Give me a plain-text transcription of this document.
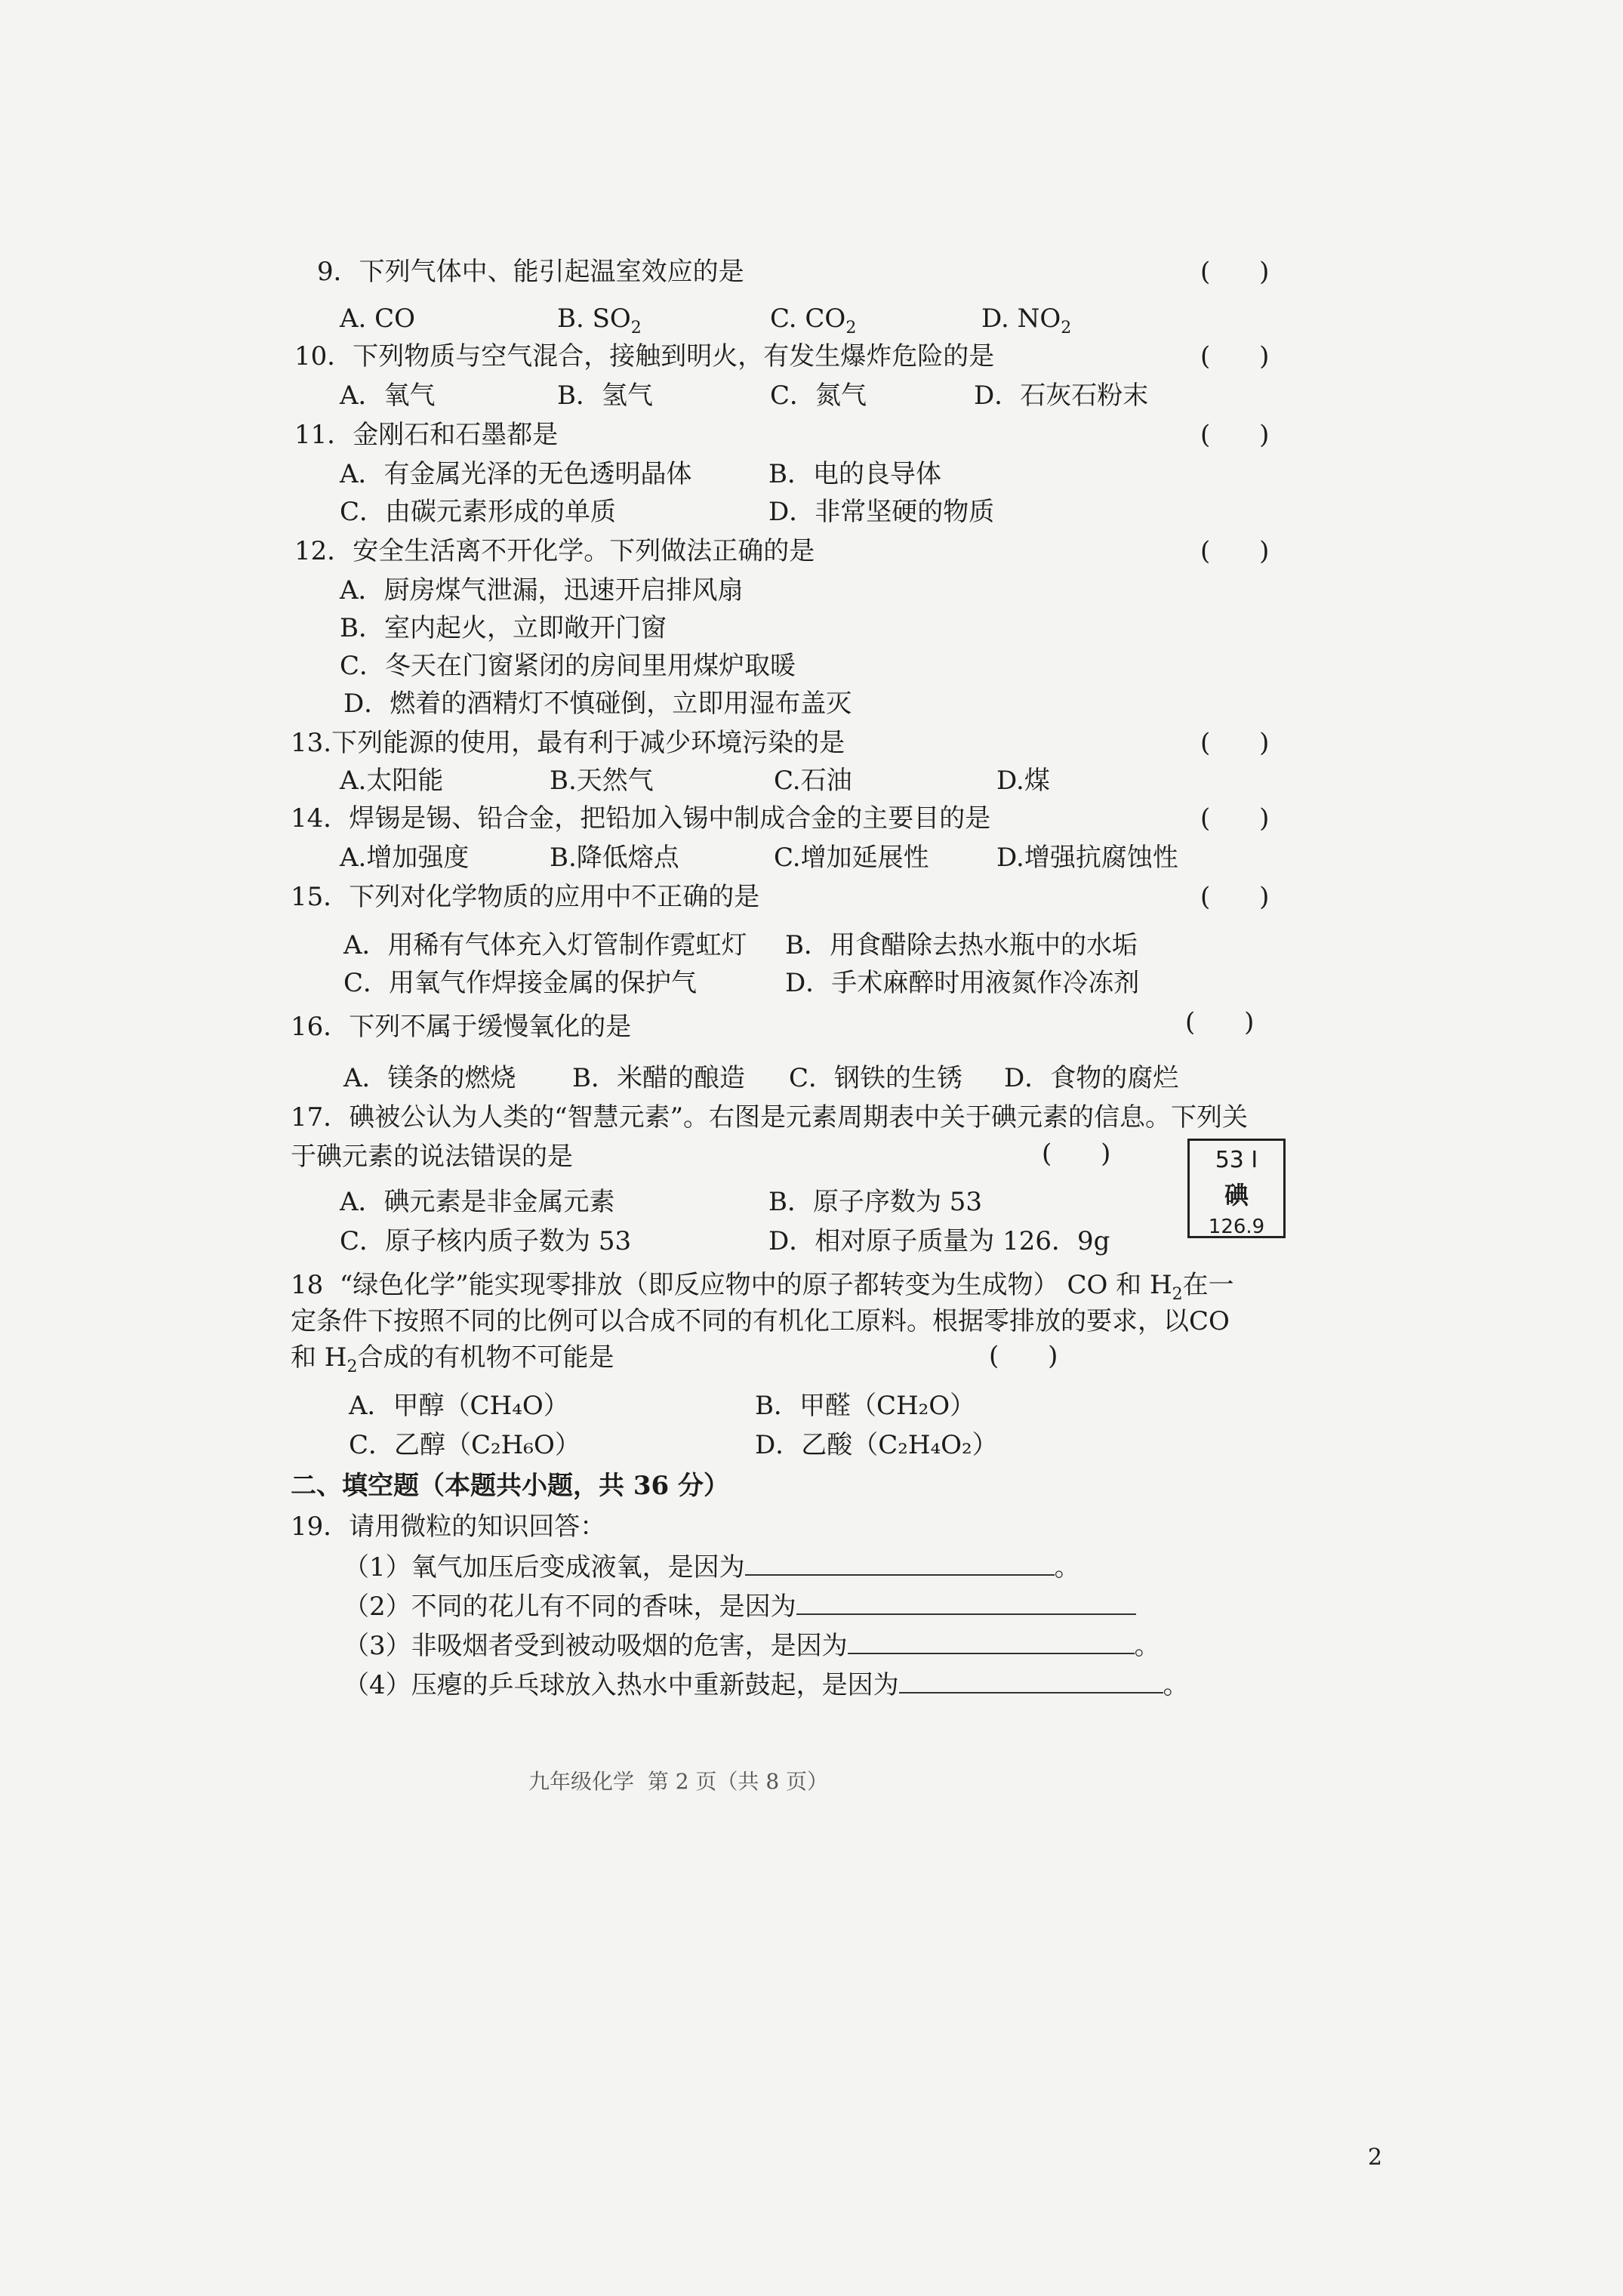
9．下列气体中、能引起温室效应的是	(      )
A. CO	B. $SO_2$	C. $CO_2$	D. $NO_2$
10．下列物质与空气混合，接触到明火，有发生爆炸危险的是	(      )
A．氧气	B．氢气	C．氮气	D．石灰石粉末
11．金刚石和石墨都是	(      )
A．有金属光泽的无色透明晶体	B．电的良导体
C．由碳元素形成的单质	D．非常坚硬的物质
12．安全生活离不开化学。下列做法正确的是	(      )
A．厨房煤气泄漏，迅速开启排风扇
B．室内起火，立即敞开门窗
C．冬天在门窗紧闭的房间里用煤炉取暖
D．燃着的酒精灯不慎碰倒，立即用湿布盖灭
13.下列能源的使用，最有利于减少环境污染的是	(      )
A.太阳能	B.天然气	C.石油	D.煤
14．焊锡是锡、铅合金，把铅加入锡中制成合金的主要目的是	(      )
A.增加强度	B.降低熔点	C.增加延展性	D.增强抗腐蚀性
15．下列对化学物质的应用中不正确的是	(      )
A．用稀有气体充入灯管制作霓虹灯 B．用食醋除去热水瓶中的水垢
C．用氧气作焊接金属的保护气	D．手术麻醉时用液氮作冷冻剂
16．下列不属于缓慢氧化的是	(      )
A．镁条的燃烧 B．米醋的酿造 C．钢铁的生锈 D．食物的腐烂
17．碘被公认为人类的“智慧元素”。右图是元素周期表中关于碘元素的信息。下列关
于碘元素的说法错误的是	(      )
A．碘元素是非金属元素	B．原子序数为 53
C．原子核内质子数为 53	D．相对原子质量为 126．9g
53 I
碘
126.9
18  “绿色化学”能实现零排放（即反应物中的原子都转变为生成物） CO 和 $H_2$在一
定条件下按照不同的比例可以合成不同的有机化工原料。根据零排放的要求，以CO
和 $H_2$合成的有机物不可能是	(      )
A．甲醇（CH₄O）	B．甲醛（CH₂O）
C．乙醇（C₂H₆O）	D．乙酸（C₂H₄O₂）
二、填空题（本题共小题，共 36 分）
19．请用微粒的知识回答：
（1）氧气加压后变成液氧，是因为	。
（2）不同的花儿有不同的香味，是因为
（3）非吸烟者受到被动吸烟的危害，是因为	。
（4）压瘪的乒乓球放入热水中重新鼓起，是因为	。
九年级化学  第 2 页（共 8 页）
2
